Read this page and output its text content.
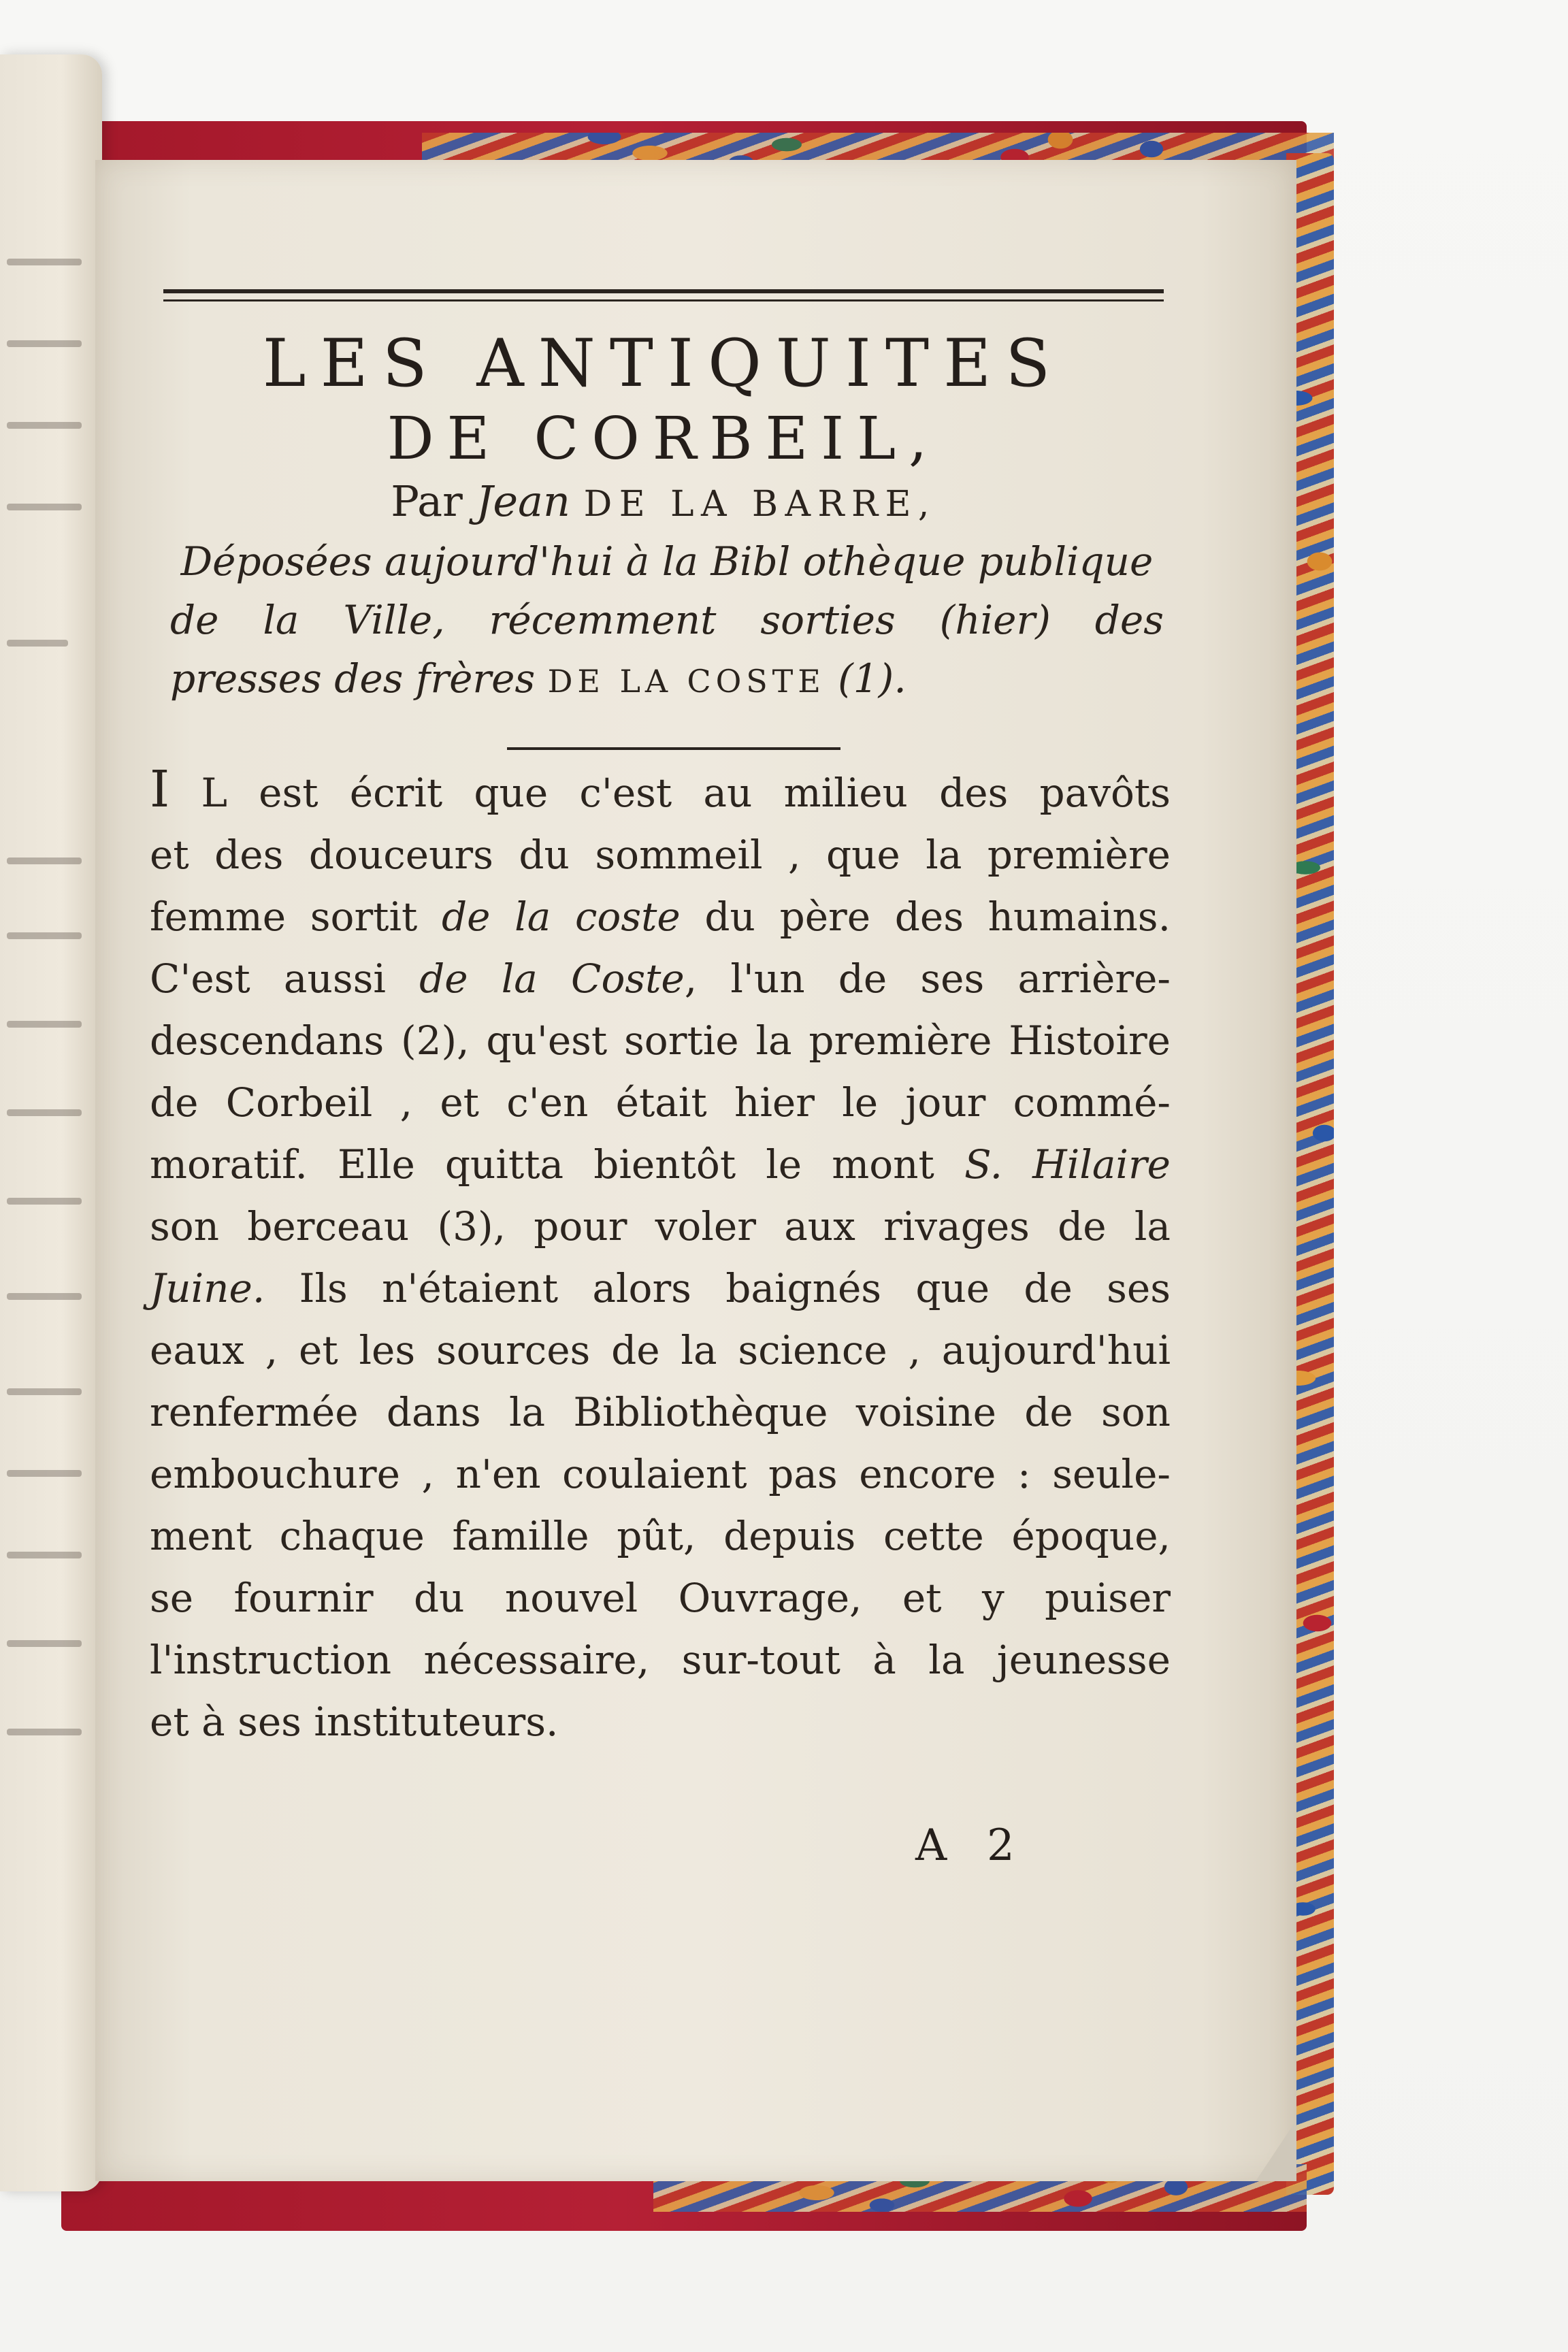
LES ANTIQUITES
DE CORBEIL,
Par Jean DE LA BARRE,
Déposées aujourd'hui à la Bibl othèque publique
de la Ville, récemment sorties (hier) des
presses des frères DE LA COSTE (1).
I L est écrit que c'est au milieu des pavôts
et des douceurs du sommeil , que la première
femme sortit de la coste du père des humains.
C'est aussi de la Coste, l'un de ses arrière-
descendans (2), qu'est sortie la première Histoire
de Corbeil , et c'en était hier le jour commé-
moratif. Elle quitta bientôt le mont S. Hilaire
son berceau (3), pour voler aux rivages de la
Juine. Ils n'étaient alors baignés que de ses
eaux , et les sources de la science , aujourd'hui
renfermée dans la Bibliothèque voisine de son
embouchure , n'en coulaient pas encore : seule-
ment chaque famille pût, depuis cette époque,
se fournir du nouvel Ouvrage, et y puiser
l'instruction nécessaire, sur-tout à la jeunesse
et à ses instituteurs.
A 2
